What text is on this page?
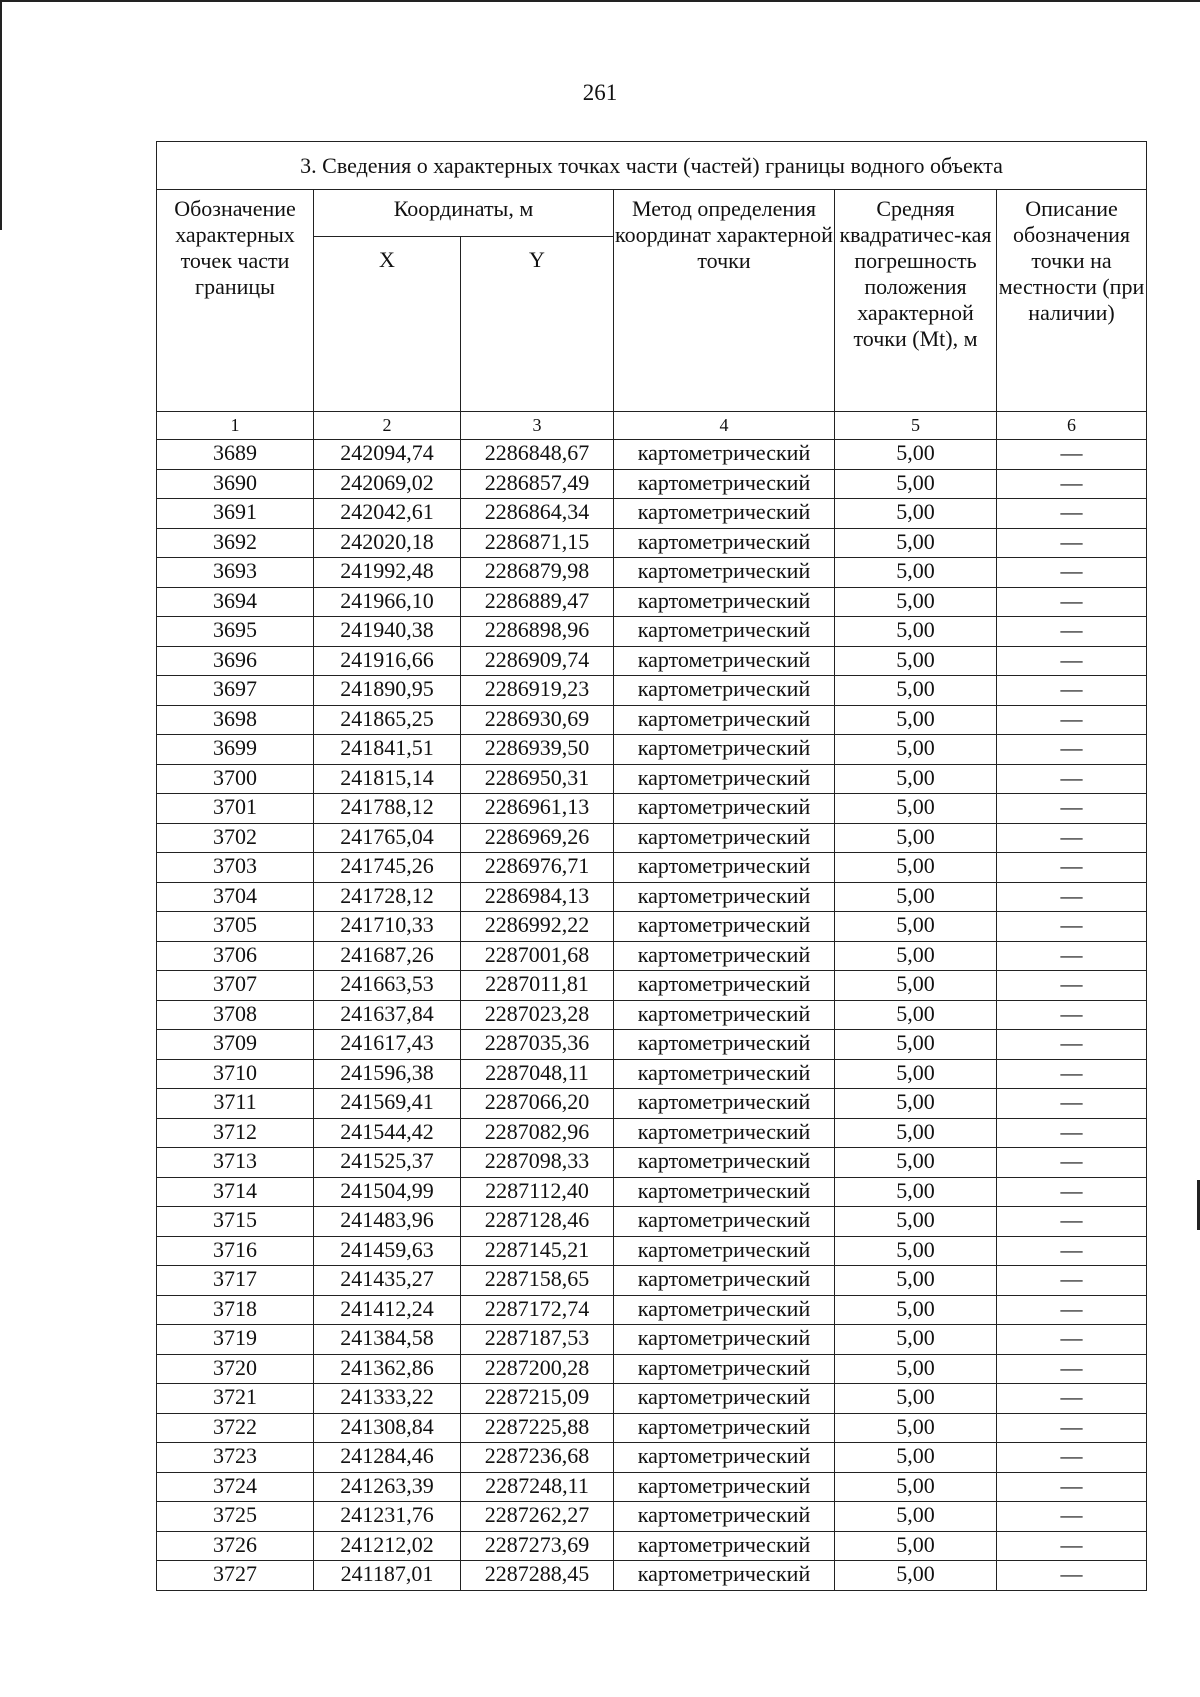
261
3. Сведения о характерных точках части (частей) границы водного объекта					
Обозначение характерных точек части границы	Координаты, м		Метод определения координат характерной точки	Средняя квадратичес-кая погрешность положения характерной точки (Mt), м	Описание обозначения точки на местности (при наличии)
	X	Y			
1	2	3	4	5	6
3689	242094,74	2286848,67	картометрический	5,00	—
3690	242069,02	2286857,49	картометрический	5,00	—
3691	242042,61	2286864,34	картометрический	5,00	—
3692	242020,18	2286871,15	картометрический	5,00	—
3693	241992,48	2286879,98	картометрический	5,00	—
3694	241966,10	2286889,47	картометрический	5,00	—
3695	241940,38	2286898,96	картометрический	5,00	—
3696	241916,66	2286909,74	картометрический	5,00	—
3697	241890,95	2286919,23	картометрический	5,00	—
3698	241865,25	2286930,69	картометрический	5,00	—
3699	241841,51	2286939,50	картометрический	5,00	—
3700	241815,14	2286950,31	картометрический	5,00	—
3701	241788,12	2286961,13	картометрический	5,00	—
3702	241765,04	2286969,26	картометрический	5,00	—
3703	241745,26	2286976,71	картометрический	5,00	—
3704	241728,12	2286984,13	картометрический	5,00	—
3705	241710,33	2286992,22	картометрический	5,00	—
3706	241687,26	2287001,68	картометрический	5,00	—
3707	241663,53	2287011,81	картометрический	5,00	—
3708	241637,84	2287023,28	картометрический	5,00	—
3709	241617,43	2287035,36	картометрический	5,00	—
3710	241596,38	2287048,11	картометрический	5,00	—
3711	241569,41	2287066,20	картометрический	5,00	—
3712	241544,42	2287082,96	картометрический	5,00	—
3713	241525,37	2287098,33	картометрический	5,00	—
3714	241504,99	2287112,40	картометрический	5,00	—
3715	241483,96	2287128,46	картометрический	5,00	—
3716	241459,63	2287145,21	картометрический	5,00	—
3717	241435,27	2287158,65	картометрический	5,00	—
3718	241412,24	2287172,74	картометрический	5,00	—
3719	241384,58	2287187,53	картометрический	5,00	—
3720	241362,86	2287200,28	картометрический	5,00	—
3721	241333,22	2287215,09	картометрический	5,00	—
3722	241308,84	2287225,88	картометрический	5,00	—
3723	241284,46	2287236,68	картометрический	5,00	—
3724	241263,39	2287248,11	картометрический	5,00	—
3725	241231,76	2287262,27	картометрический	5,00	—
3726	241212,02	2287273,69	картометрический	5,00	—
3727	241187,01	2287288,45	картометрический	5,00	—
